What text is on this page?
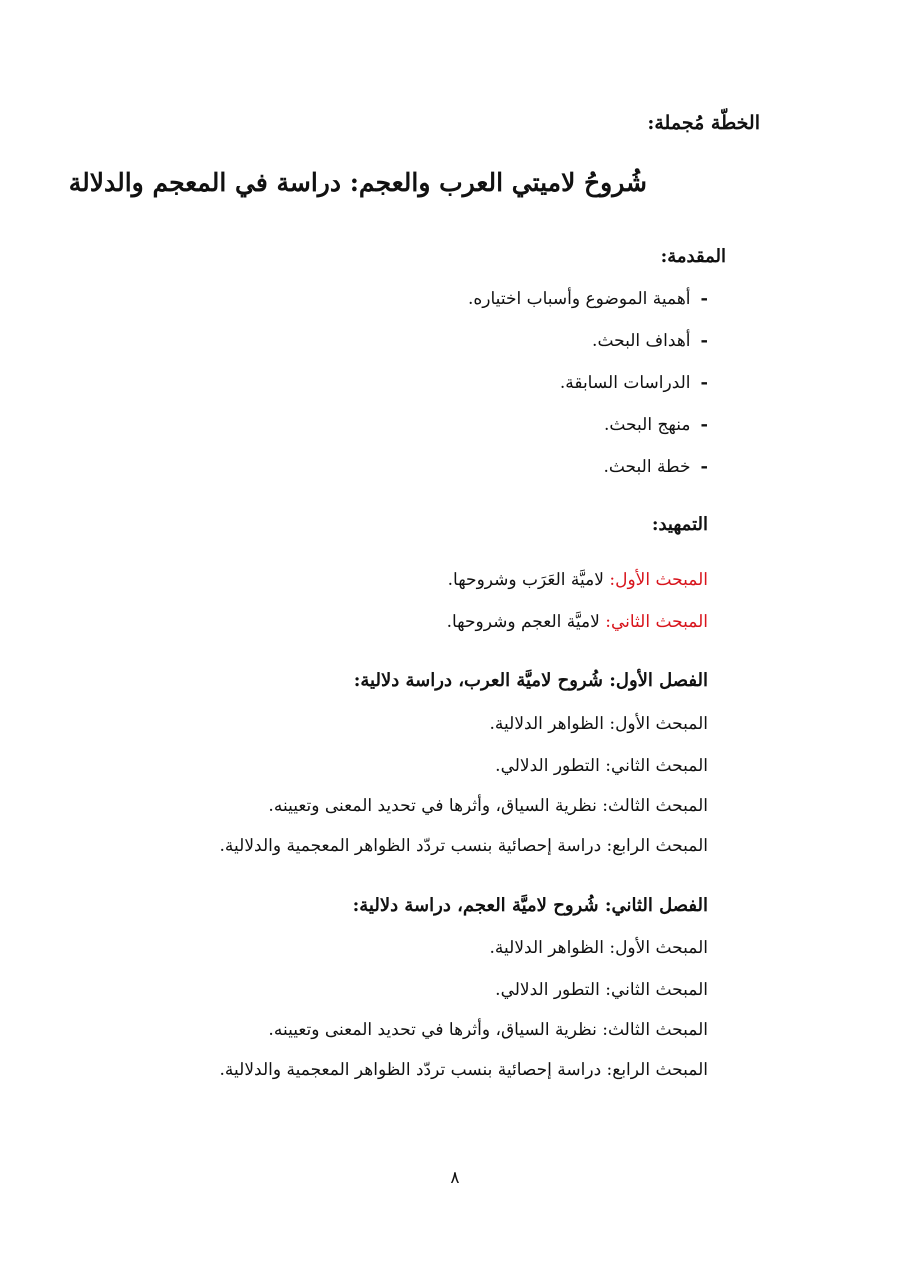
الخطّة مُجملة:
شُروحُ لاميتي العرب والعجم: دراسة في المعجم والدلالة
المقدمة:
-
أهمية الموضوع وأسباب اختياره.
-
أهداف البحث.
-
الدراسات السابقة.
-
منهج البحث.
-
خطة البحث.
التمهيد:
المبحث الأول: لاميَّة العَرَب وشروحها.
المبحث الثاني: لاميَّة العجم وشروحها.
الفصل الأول: شُروح لاميَّة العرب، دراسة دلالية:
المبحث الأول: الظواهر الدلالية.
المبحث الثاني: التطور الدلالي.
المبحث الثالث: نظرية السياق، وأثرها في تحديد المعنى وتعيينه.
المبحث الرابع: دراسة إحصائية بنسب تردّد الظواهر المعجمية والدلالية.
الفصل الثاني: شُروح لاميَّة العجم، دراسة دلالية:
المبحث الأول: الظواهر الدلالية.
المبحث الثاني: التطور الدلالي.
المبحث الثالث: نظرية السياق، وأثرها في تحديد المعنى وتعيينه.
المبحث الرابع: دراسة إحصائية بنسب تردّد الظواهر المعجمية والدلالية.
٨
